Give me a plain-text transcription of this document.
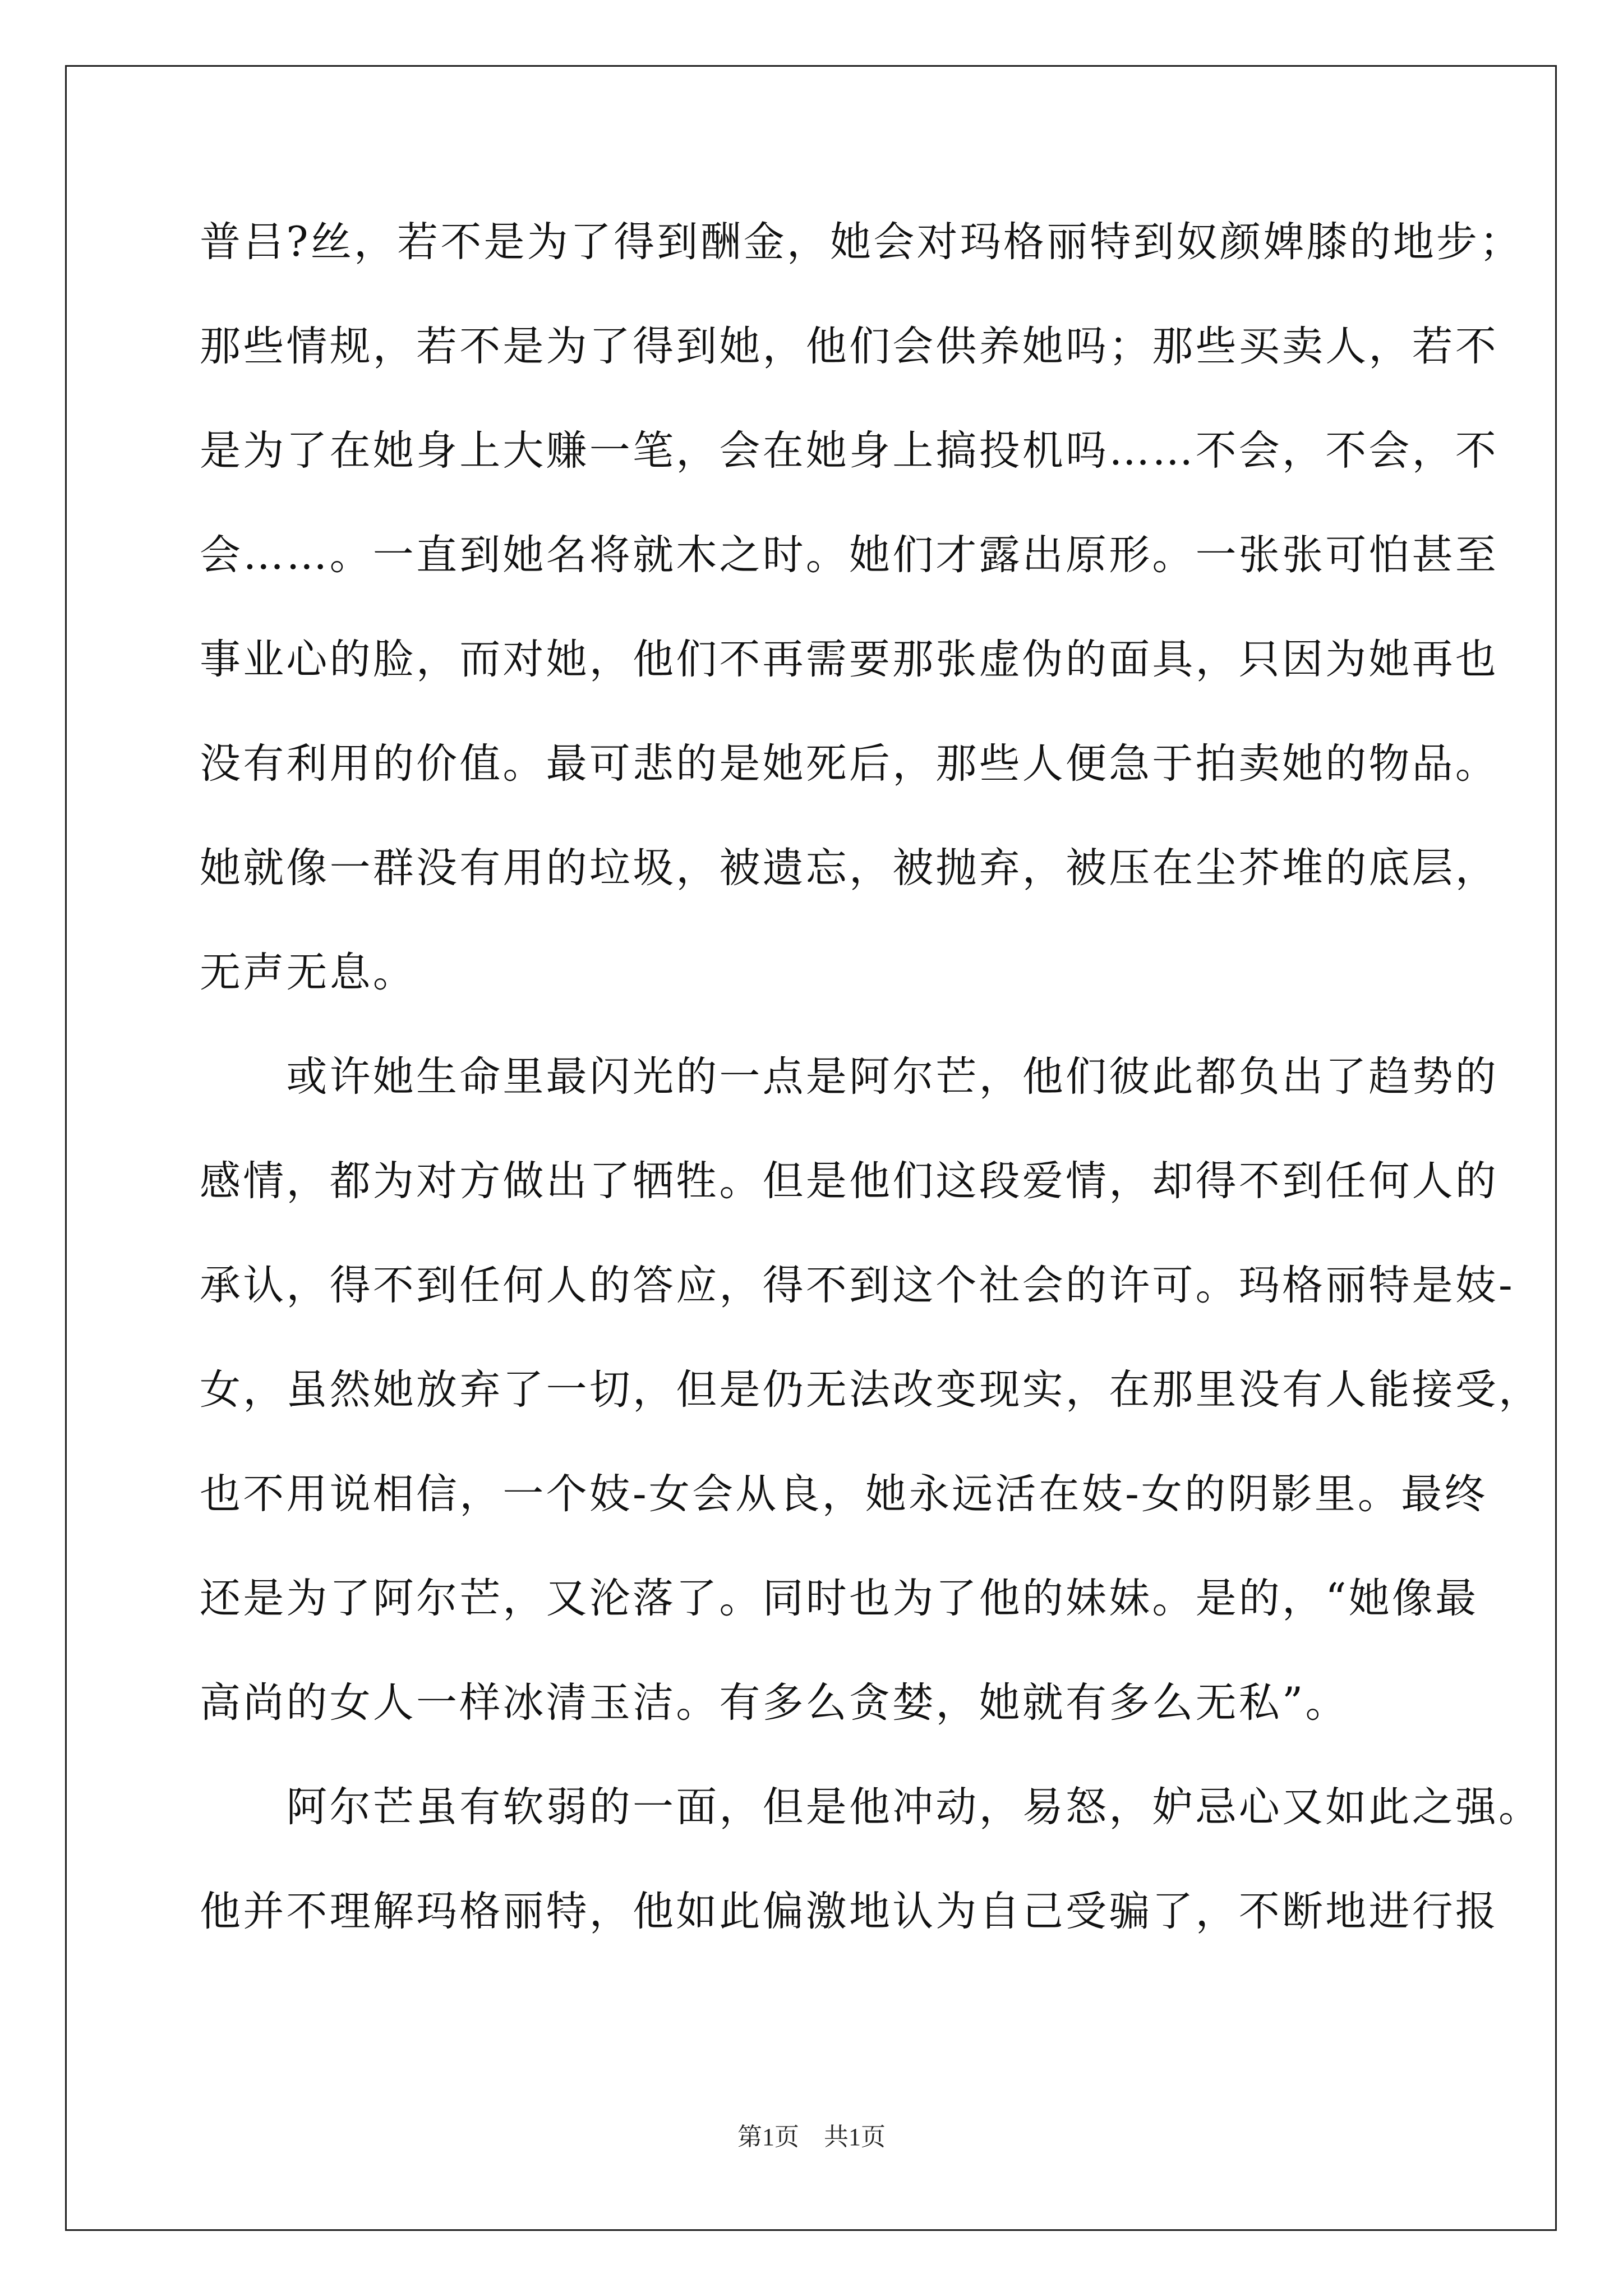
普吕?丝，若不是为了得到酬金，她会对玛格丽特到奴颜婢膝的地步；
那些情规，若不是为了得到她，他们会供养她吗；那些买卖人，若不
是为了在她身上大赚一笔，会在她身上搞投机吗……不会，不会，不
会……。一直到她名将就木之时。她们才露出原形。一张张可怕甚至
事业心的脸，而对她，他们不再需要那张虚伪的面具，只因为她再也
没有利用的价值。最可悲的是她死后，那些人便急于拍卖她的物品。
她就像一群没有用的垃圾，被遗忘，被抛弃，被压在尘芥堆的底层，
无声无息。
　　或许她生命里最闪光的一点是阿尔芒，他们彼此都负出了趋势的
感情，都为对方做出了牺牲。但是他们这段爱情，却得不到任何人的
承认，得不到任何人的答应，得不到这个社会的许可。玛格丽特是妓-
女，虽然她放弃了一切，但是仍无法改变现实，在那里没有人能接受，
也不用说相信，一个妓-女会从良，她永远活在妓-女的阴影里。最终
还是为了阿尔芒，又沦落了。同时也为了他的妹妹。是的，“她像最
高尚的女人一样冰清玉洁。有多么贪婪，她就有多么无私”。
　　阿尔芒虽有软弱的一面，但是他冲动，易怒，妒忌心又如此之强。
他并不理解玛格丽特，他如此偏激地认为自己受骗了，不断地进行报
第1页　共1页
